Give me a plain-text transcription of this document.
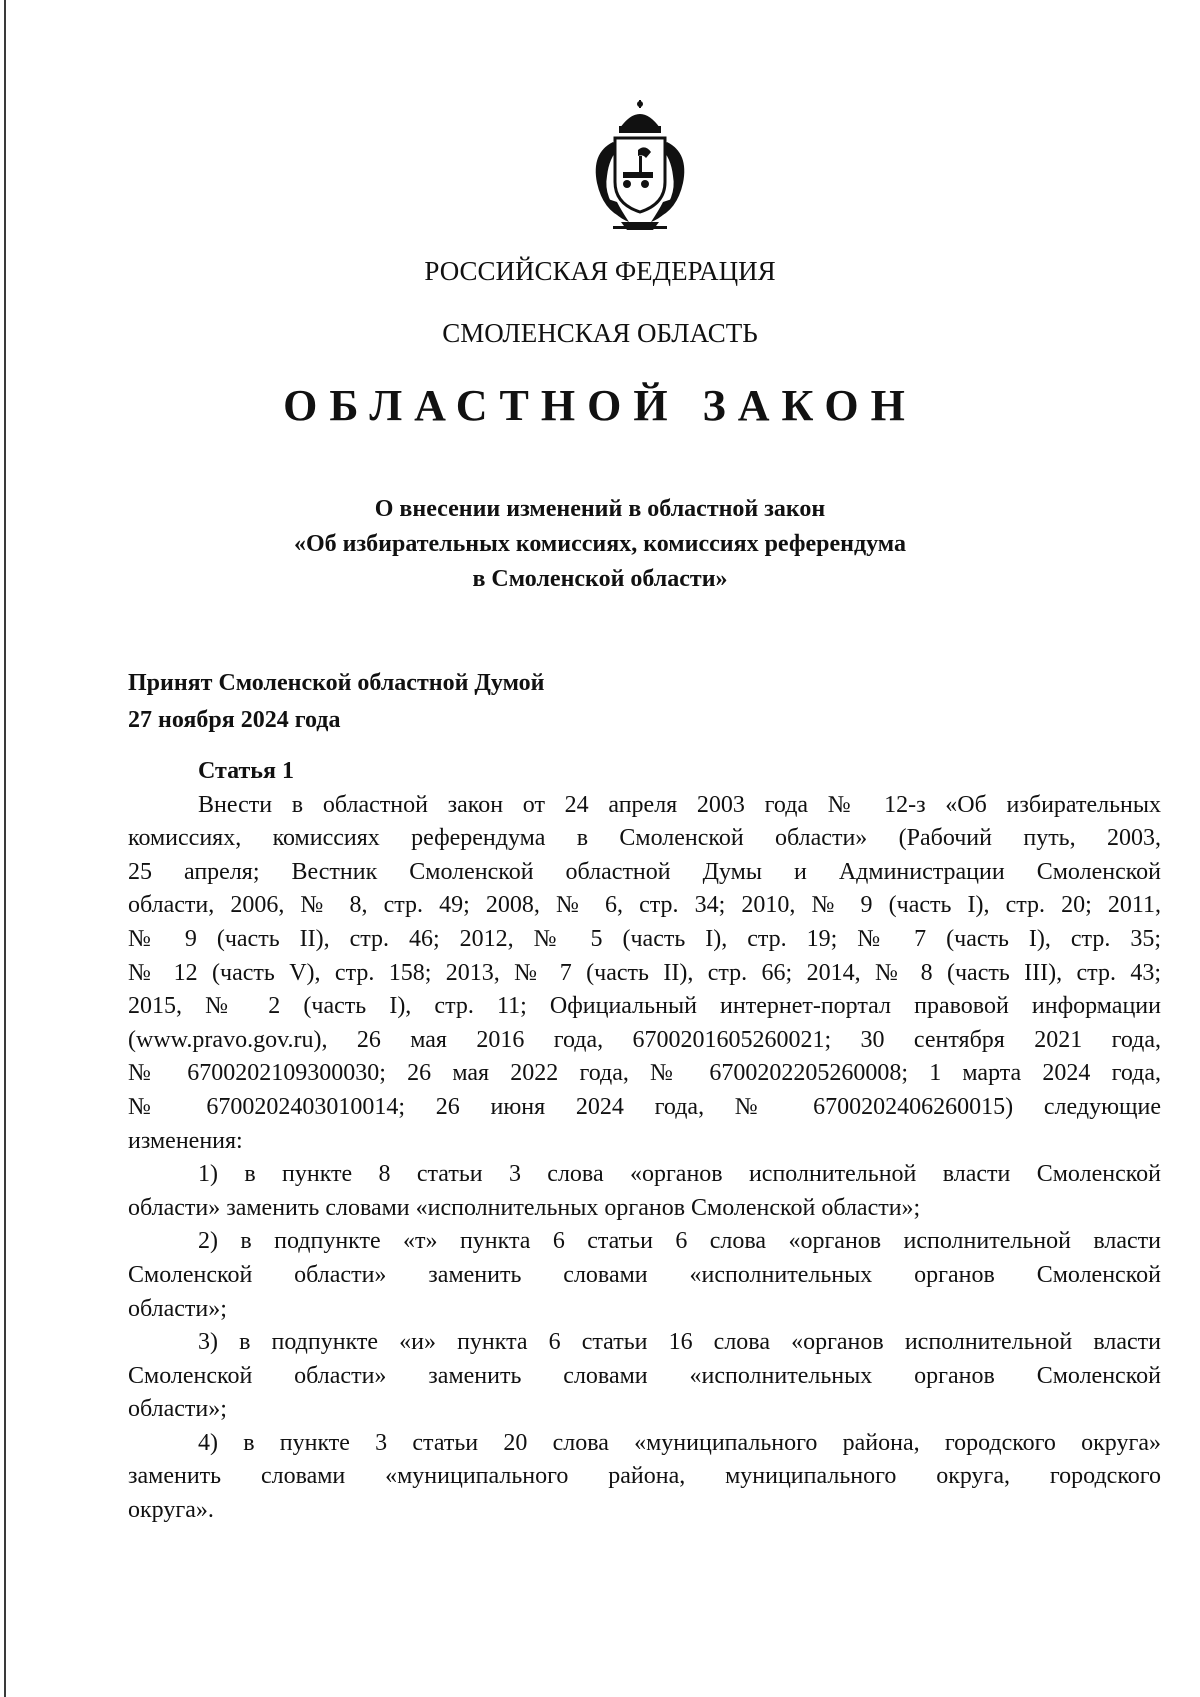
РОССИЙСКАЯ ФЕДЕРАЦИЯ
СМОЛЕНСКАЯ ОБЛАСТЬ
ОБЛАСТНОЙ ЗАКОН
О внесении изменений в областной закон
«Об избирательных комиссиях, комиссиях референдума
в Смоленской области»
Принят Смоленской областной Думой
27 ноября 2024 года
Статья 1
Внести в областной закон от 24 апреля 2003 года № 12-з «Об избирательных
комиссиях, комиссиях референдума в Смоленской области» (Рабочий путь, 2003,
25 апреля; Вестник Смоленской областной Думы и Администрации Смоленской
области, 2006, № 8, стр. 49; 2008, № 6, стр. 34; 2010, № 9 (часть I), стр. 20; 2011,
№ 9 (часть II), стр. 46; 2012, № 5 (часть I), стр. 19; № 7 (часть I), стр. 35;
№ 12 (часть V), стр. 158; 2013, № 7 (часть II), стр. 66; 2014, № 8 (часть III), стр. 43;
2015, № 2 (часть I), стр. 11; Официальный интернет-портал правовой информации
(www.pravo.gov.ru), 26 мая 2016 года, 6700201605260021; 30 сентября 2021 года,
№ 6700202109300030; 26 мая 2022 года, № 6700202205260008; 1 марта 2024 года,
№ 6700202403010014; 26 июня 2024 года, № 6700202406260015) следующие
изменения:
1) в пункте 8 статьи 3 слова «органов исполнительной власти Смоленской
области» заменить словами «исполнительных органов Смоленской области»;
2) в подпункте «т» пункта 6 статьи 6 слова «органов исполнительной власти
Смоленской области» заменить словами «исполнительных органов Смоленской
области»;
3) в подпункте «и» пункта 6 статьи 16 слова «органов исполнительной власти
Смоленской области» заменить словами «исполнительных органов Смоленской
области»;
4) в пункте 3 статьи 20 слова «муниципального района, городского округа»
заменить словами «муниципального района, муниципального округа, городского
округа».
